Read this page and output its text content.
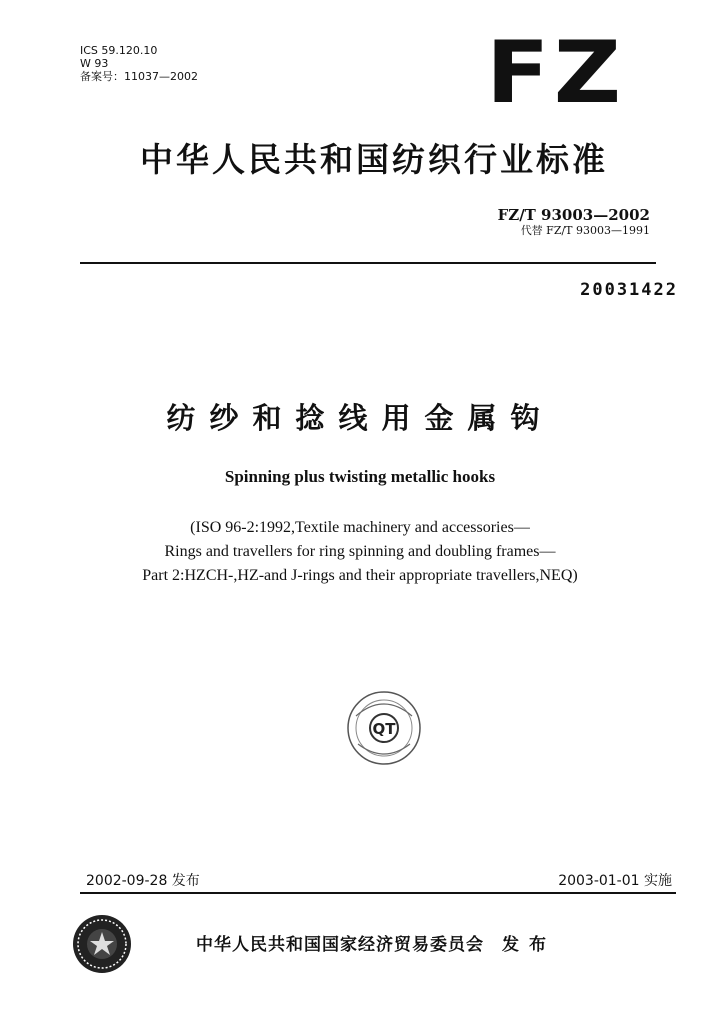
ICS 59.120.10
W 93
备案号：11037—2002	FZ
中华人民共和国纺织行业标准
FZ/T 93003—2002
代替 FZ/T 93003—1991
20031422
纺纱和捻线用金属钩
Spinning plus twisting metallic hooks
(ISO 96-2:1992,Textile machinery and accessories—
Rings and travellers for ring spinning and doubling frames—
Part 2:HZCH-,HZ-and J-rings and their appropriate travellers,NEQ)
QT
2002-09-28 发布	2003-01-01 实施
中华人民共和国国家经济贸易委员会 发布
